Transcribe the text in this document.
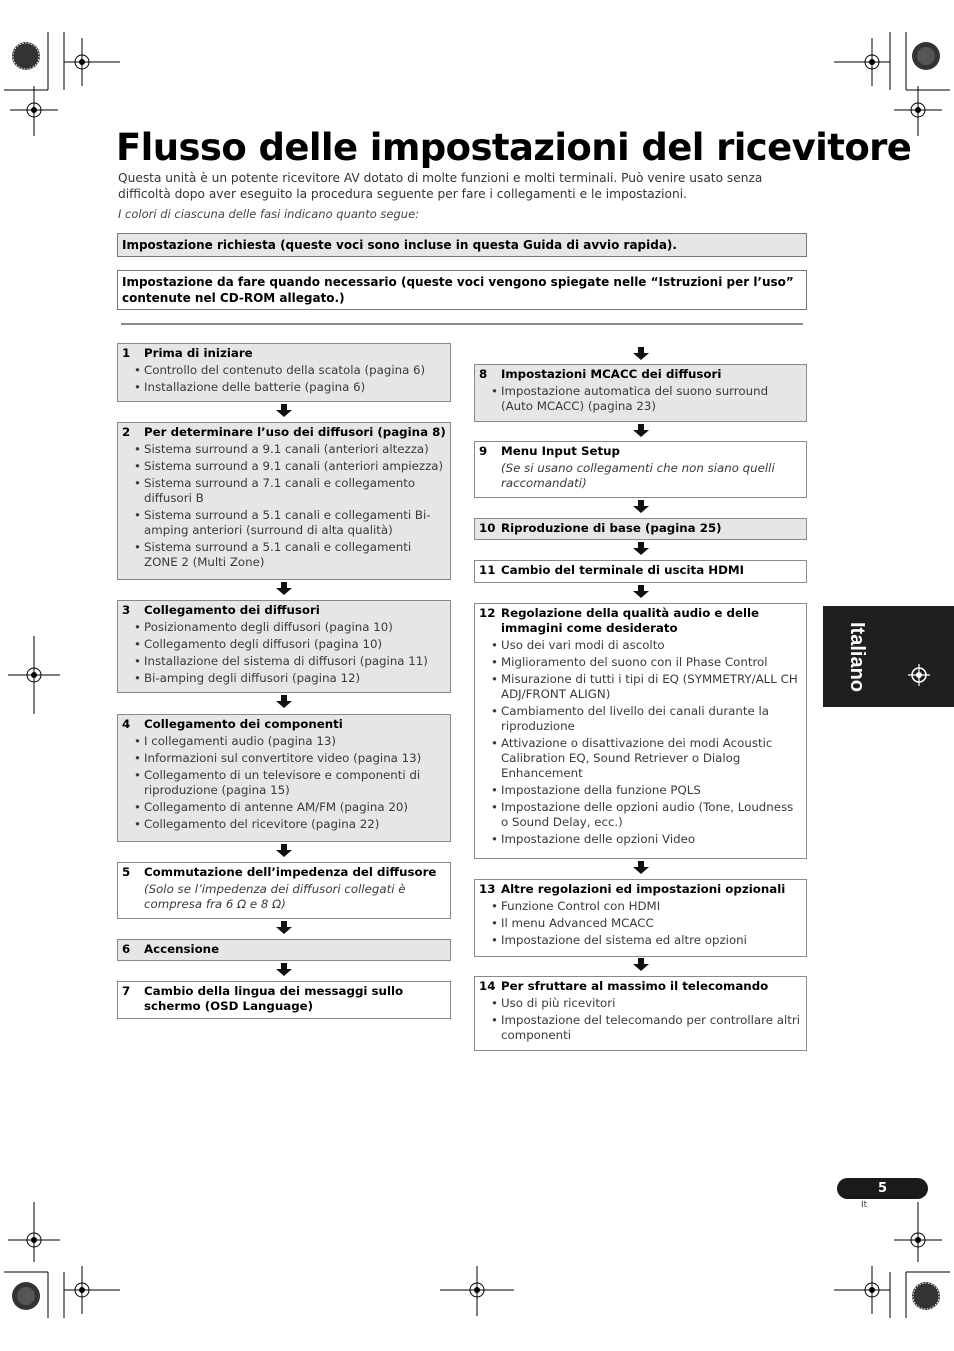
Flusso delle impostazioni del ricevitore
Questa unità è un potente ricevitore AV dotato di molte funzioni e molti terminali. Può venire usato senza difficoltà dopo aver eseguito la procedura seguente per fare i collegamenti e le impostazioni.
I colori di ciascuna delle fasi indicano quanto segue:
Impostazione richiesta (queste voci sono incluse in questa Guida di avvio rapida).
Impostazione da fare quando necessario (queste voci vengono spiegate nelle “Istruzioni per l’uso” contenute nel CD-ROM allegato.)
Italiano
5
It
1	Prima di iniziare
• Controllo del contenuto della scatola (pagina 6)
• Installazione delle batterie (pagina 6)
2	Per determinare l’uso dei diffusori (pagina 8)
• Sistema surround a 9.1 canali (anteriori altezza)
• Sistema surround a 9.1 canali (anteriori ampiezza)
• Sistema surround a 7.1 canali e collegamento diffusori B
• Sistema surround a 5.1 canali e collegamenti Bi-amping anteriori (surround di alta qualità)
• Sistema surround a 5.1 canali e collegamenti ZONE 2 (Multi Zone)
3	Collegamento dei diffusori
• Posizionamento degli diffusori (pagina 10)
• Collegamento degli diffusori (pagina 10)
• Installazione del sistema di diffusori (pagina 11)
• Bi-amping degli diffusori (pagina 12)
4	Collegamento dei componenti
• I collegamenti audio (pagina 13)
• Informazioni sul convertitore video (pagina 13)
• Collegamento di un televisore e componenti di riproduzione (pagina 15)
• Collegamento di antenne AM/FM (pagina 20)
• Collegamento del ricevitore (pagina 22)
5	Commutazione dell’impedenza del diffusore
(Solo se l’impedenza dei diffusori collegati è compresa fra 6 Ω e 8 Ω)
6	Accensione
7	Cambio della lingua dei messaggi sullo schermo (OSD Language)
8	Impostazioni MCACC dei diffusori
• Impostazione automatica del suono surround (Auto MCACC) (pagina 23)
9	Menu Input Setup
(Se si usano collegamenti che non siano quelli raccomandati)
10 Riproduzione di base (pagina 25)
11 Cambio del terminale di uscita HDMI
12 Regolazione della qualità audio e delle immagini come desiderato
• Uso dei vari modi di ascolto
• Miglioramento del suono con il Phase Control
• Misurazione di tutti i tipi di EQ (SYMMETRY/ALL CH ADJ/FRONT ALIGN)
• Cambiamento del livello dei canali durante la riproduzione
• Attivazione o disattivazione dei modi Acoustic Calibration EQ, Sound Retriever o Dialog Enhancement
• Impostazione della funzione PQLS
• Impostazione delle opzioni audio (Tone, Loudness o Sound Delay, ecc.)
• Impostazione delle opzioni Video
13 Altre regolazioni ed impostazioni opzionali
• Funzione Control con HDMI
• Il menu Advanced MCACC
• Impostazione del sistema ed altre opzioni
14 Per sfruttare al massimo il telecomando
• Uso di più ricevitori
• Impostazione del telecomando per controllare altri componenti
